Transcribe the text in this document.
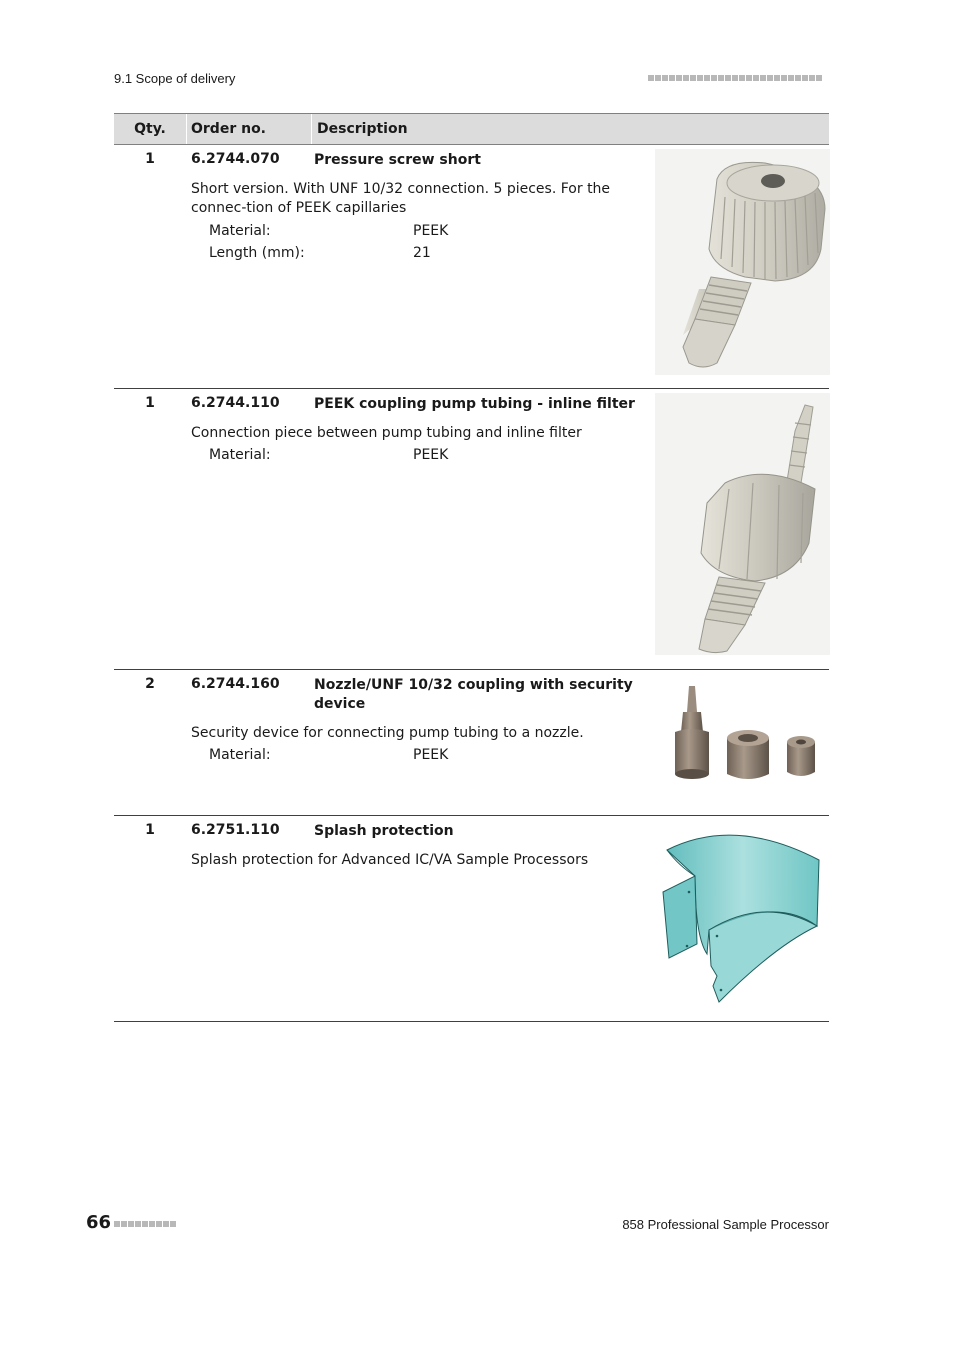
9.1 Scope of delivery
Qty.	Order no.	Description
1	6.2744.070 Pressure screw short
Short version. With UNF 10/32 connection. 5 pieces. For the connec-tion of PEEK capillaries
Material:	PEEK
Length (mm):	21
1	6.2744.110 PEEK coupling pump tubing - inline filter
Connection piece between pump tubing and inline filter
Material:	PEEK
2	6.2744.160 Nozzle/UNF 10/32 coupling with security device
Security device for connecting pump tubing to a nozzle.
Material:	PEEK
1	6.2751.110 Splash protection
Splash protection for Advanced IC/VA Sample Processors
66	858 Professional Sample Processor
